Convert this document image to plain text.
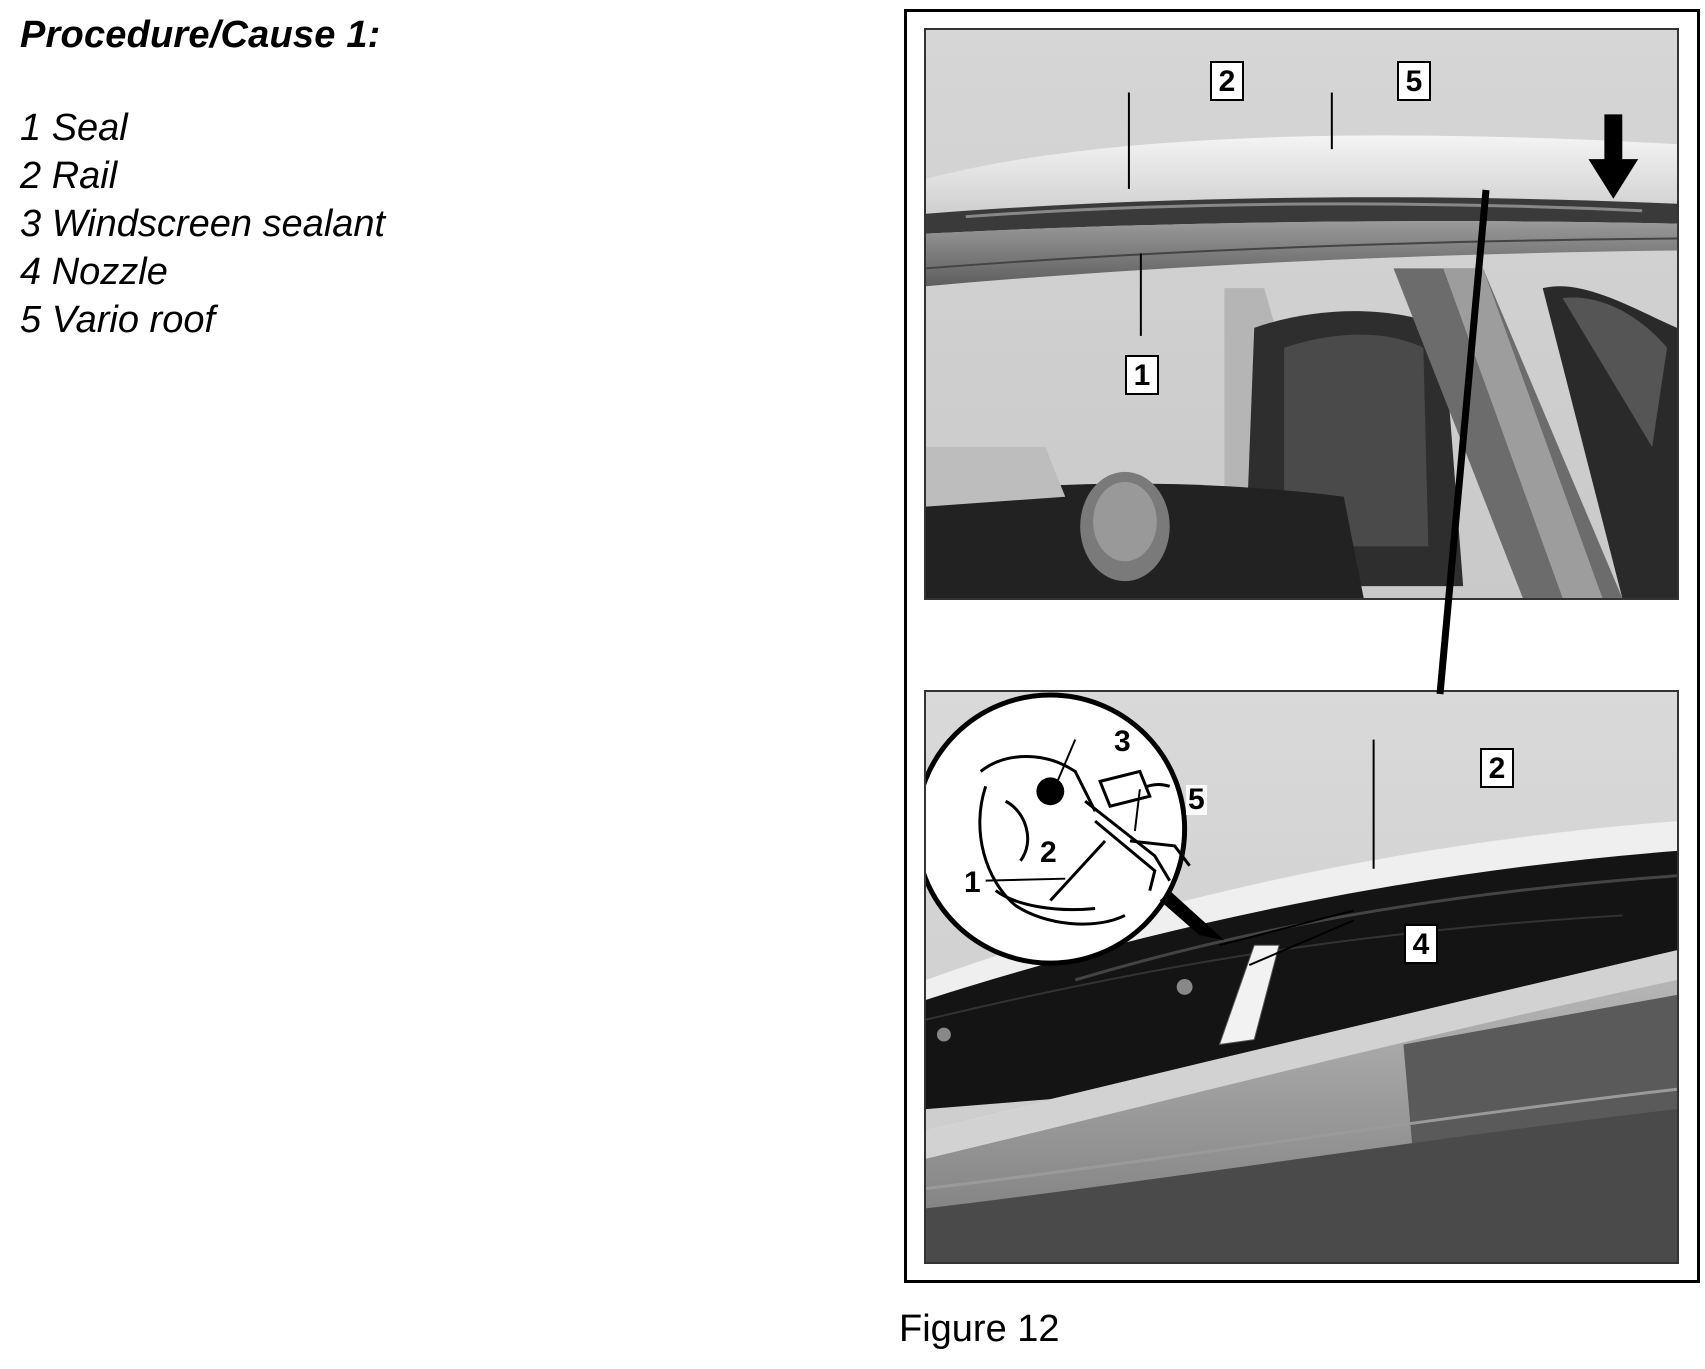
Procedure/Cause 1:
1 Seal
2 Rail
3 Windscreen sealant
4 Nozzle
5 Vario roof
2	5
1
2
4
3
5
2
1
Figure 12
